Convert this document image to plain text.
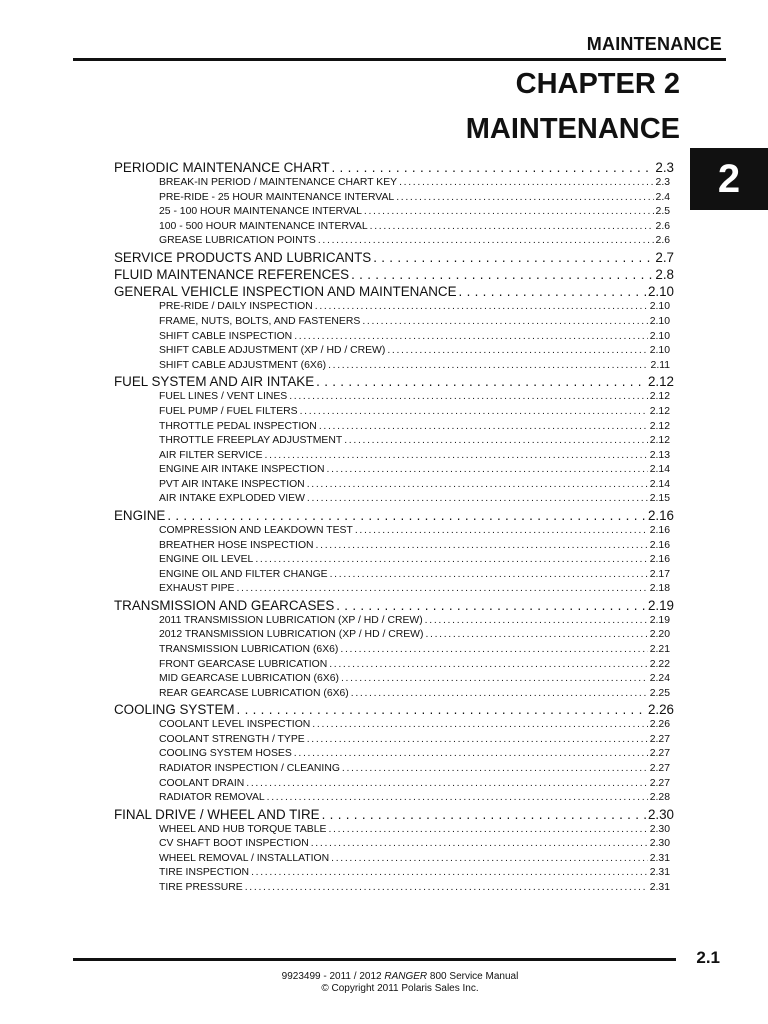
MAINTENANCE
CHAPTER 2
MAINTENANCE
2
PERIODIC MAINTENANCE CHART . . .	2.3
BREAK-IN PERIOD / MAINTENANCE CHART KEY . . .	2.3
PRE-RIDE - 25 HOUR MAINTENANCE INTERVAL . . .	2.4
25 - 100 HOUR MAINTENANCE INTERVAL . . .	2.5
100 - 500 HOUR MAINTENANCE INTERVAL . . .	2.6
GREASE LUBRICATION POINTS . . .	2.6
SERVICE PRODUCTS AND LUBRICANTS . . .	2.7
FLUID MAINTENANCE REFERENCES . . .	2.8
GENERAL VEHICLE INSPECTION AND MAINTENANCE . . .	2.10
PRE-RIDE / DAILY INSPECTION . . .	2.10
FRAME, NUTS, BOLTS, AND FASTENERS . . .	2.10
SHIFT CABLE INSPECTION . . .	2.10
SHIFT CABLE ADJUSTMENT (XP / HD / CREW) . . .	2.10
SHIFT CABLE ADJUSTMENT (6X6) . . .	2.11
FUEL SYSTEM AND AIR INTAKE . . .	2.12
FUEL LINES / VENT LINES . . .	2.12
FUEL PUMP / FUEL FILTERS . . .	2.12
THROTTLE PEDAL INSPECTION . . .	2.12
THROTTLE FREEPLAY ADJUSTMENT . . .	2.12
AIR FILTER SERVICE . . .	2.13
ENGINE AIR INTAKE INSPECTION . . .	2.14
PVT AIR INTAKE INSPECTION . . .	2.14
AIR INTAKE EXPLODED VIEW . . .	2.15
ENGINE . . .	2.16
COMPRESSION AND LEAKDOWN TEST . . .	2.16
BREATHER HOSE INSPECTION . . .	2.16
ENGINE OIL LEVEL . . .	2.16
ENGINE OIL AND FILTER CHANGE . . .	2.17
EXHAUST PIPE . . .	2.18
TRANSMISSION AND GEARCASES . . .	2.19
2011 TRANSMISSION LUBRICATION (XP / HD / CREW) . . .	2.19
2012 TRANSMISSION LUBRICATION (XP / HD / CREW) . . .	2.20
TRANSMISSION LUBRICATION (6X6) . . .	2.21
FRONT GEARCASE LUBRICATION . . .	2.22
MID GEARCASE LUBRICATION (6X6) . . .	2.24
REAR GEARCASE LUBRICATION (6X6) . . .	2.25
COOLING SYSTEM . . .	2.26
COOLANT LEVEL INSPECTION . . .	2.26
COOLANT STRENGTH / TYPE . . .	2.27
COOLING SYSTEM HOSES . . .	2.27
RADIATOR INSPECTION / CLEANING . . .	2.27
COOLANT DRAIN . . .	2.27
RADIATOR REMOVAL . . .	2.28
FINAL DRIVE / WHEEL AND TIRE . . .	2.30
WHEEL AND HUB TORQUE TABLE . . .	2.30
CV SHAFT BOOT INSPECTION . . .	2.30
WHEEL REMOVAL / INSTALLATION . . .	2.31
TIRE INSPECTION . . .	2.31
TIRE PRESSURE . . .	2.31
2.1
9923499 - 2011 / 2012 RANGER 800 Service Manual
© Copyright 2011 Polaris Sales Inc.
